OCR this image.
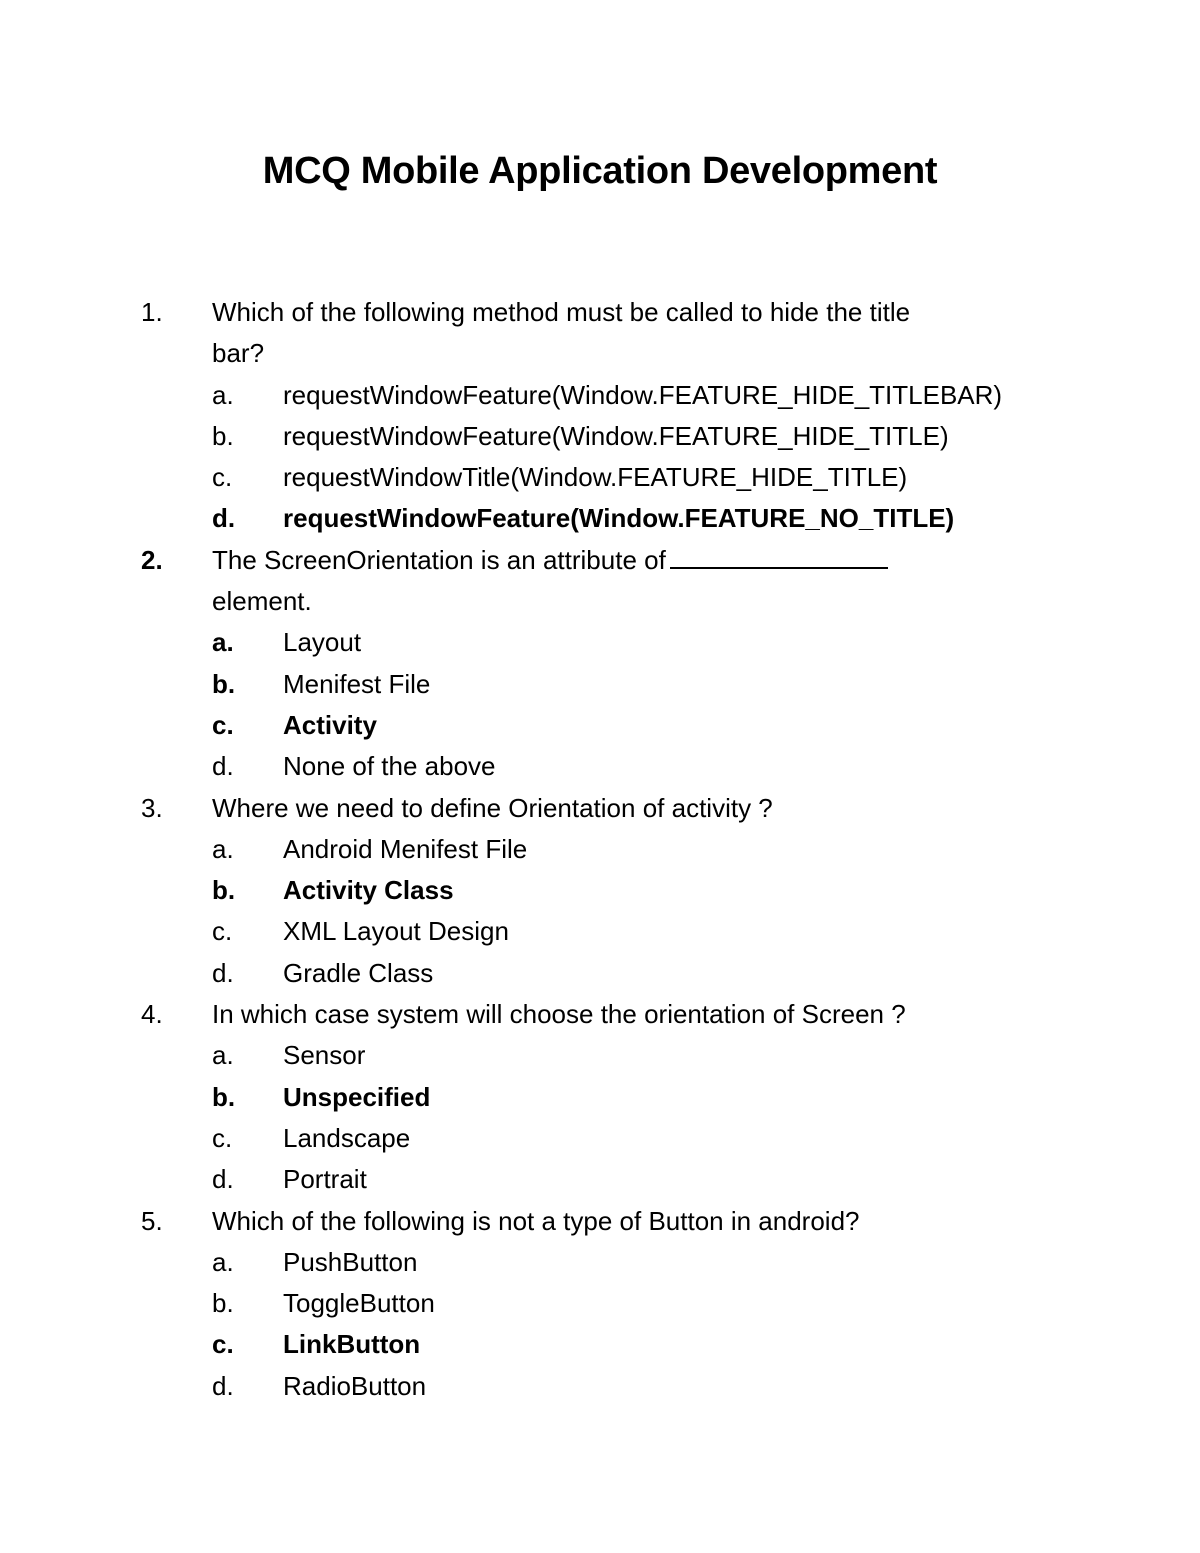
MCQ Mobile Application Development
1. Which of the following method must be called to hide the title
bar?
a. requestWindowFeature(Window.FEATURE_HIDE_TITLEBAR)
b. requestWindowFeature(Window.FEATURE_HIDE_TITLE)
c. requestWindowTitle(Window.FEATURE_HIDE_TITLE)
d. requestWindowFeature(Window.FEATURE_NO_TITLE)
2. The ScreenOrientation is an attribute of
element.
a. Layout
b. Menifest File
c. Activity
d. None of the above
3. Where we need to define Orientation of activity ?
a. Android Menifest File
b. Activity Class
c. XML Layout Design
d. Gradle Class
4. In which case system will choose the orientation of Screen ?
a. Sensor
b. Unspecified
c. Landscape
d. Portrait
5. Which of the following is not a type of Button in android?
a. PushButton
b. ToggleButton
c. LinkButton
d. RadioButton
